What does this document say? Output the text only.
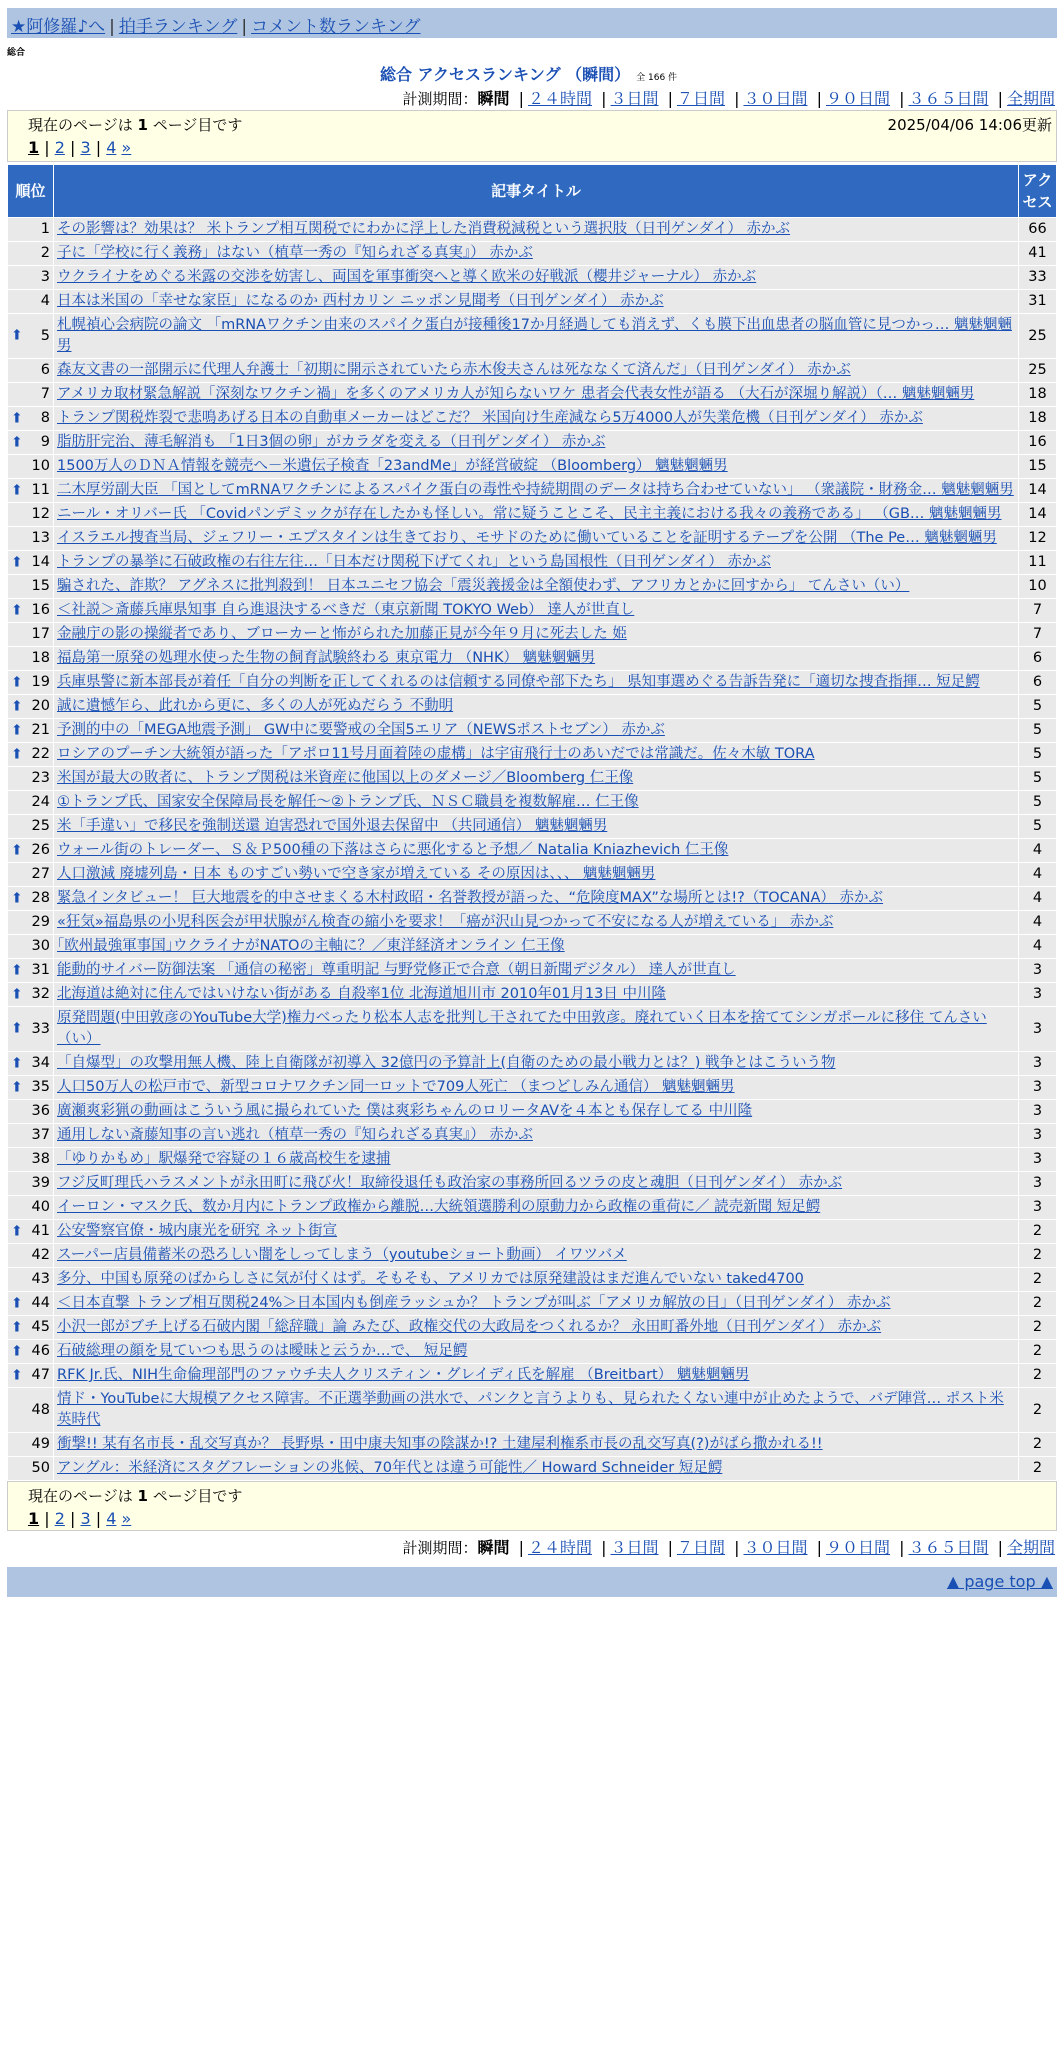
★阿修羅♪へ | 拍手ランキング | コメント数ランキング
総合
総合 アクセスランキング （瞬間） 全 166 件
計測期間：瞬間 | ２４時間 | ３日間 | ７日間 | ３０日間 | ９０日間 | ３６５日間 | 全期間
現在のページは 1 ページ目です	2025/04/06 14:06更新
1 | 2 | 3 | 4 »
順位	記事タイトル	アクセス
1	その影響は？効果は？ 米トランプ相互関税でにわかに浮上した消費税減税という選択肢（日刊ゲンダイ） 赤かぶ	66
2	子に「学校に行く義務」はない（植草一秀の『知られざる真実』） 赤かぶ	41
3	ウクライナをめぐる米露の交渉を妨害し、両国を軍事衝突へと導く欧米の好戦派（櫻井ジャーナル） 赤かぶ	33
4	日本は米国の「幸せな家臣」になるのか 西村カリン ニッポン見聞考（日刊ゲンダイ） 赤かぶ	31

⬆ 5	札幌禎心会病院の論文 「mRNAワクチン由来のスパイク蛋白が接種後17か月経過しても消えず、くも膜下出血患者の脳血管に見つかっ… 魑魅魍魎男	25
6	森友文書の一部開示に代理人弁護士「初期に開示されていたら赤木俊夫さんは死ななくて済んだ」（日刊ゲンダイ） 赤かぶ	25
7	アメリカ取材緊急解説「深刻なワクチン禍」を多くのアメリカ人が知らないワケ 患者会代表女性が語る （大石が深堀り解説）（… 魑魅魍魎男	18

⬆ 8	トランプ関税炸裂で悲鳴あげる日本の自動車メーカーはどこだ？ 米国向け生産減なら5万4000人が失業危機（日刊ゲンダイ） 赤かぶ	18

⬆ 9	脂肪肝完治、薄毛解消も 「1日3個の卵」がカラダを変える（日刊ゲンダイ） 赤かぶ	16
10	1500万人のＤＮＡ情報を競売へ－米遺伝子検査「23andMe」が経営破綻 （Bloomberg） 魑魅魍魎男	15

⬆ 11	二木厚労副大臣 「国としてmRNAワクチンによるスパイク蛋白の毒性や持続期間のデータは持ち合わせていない」 （衆議院・財務金… 魑魅魍魎男	14
12	ニール・オリバー氏 「Covidパンデミックが存在したかも怪しい。常に疑うことこそ、民主主義における我々の義務である」 （GB… 魑魅魍魎男	14
13	イスラエル捜査当局、ジェフリー・エプスタインは生きており、モサドのために働いていることを証明するテープを公開 （The Pe… 魑魅魍魎男	12

⬆ 14	トランプの暴挙に石破政権の右往左往…「日本だけ関税下げてくれ」という島国根性（日刊ゲンダイ） 赤かぶ	11
15	騙された、詐欺？ アグネスに批判殺到！ 日本ユニセフ協会「震災義援金は全額使わず、アフリカとかに回すから」 てんさい（い）	10

⬆ 16	＜社説＞斎藤兵庫県知事 自ら進退決するべきだ（東京新聞 TOKYO Web） 達人が世直し	7
17	金融庁の影の操縦者であり、ブローカーと怖がられた加藤正見が今年９月に死去した 姫	7
18	福島第一原発の処理水使った生物の飼育試験終わる 東京電力 （NHK） 魑魅魍魎男	6

⬆ 19	兵庫県警に新本部長が着任「自分の判断を正してくれるのは信頼する同僚や部下たち」 県知事選めぐる告訴告発に「適切な捜査指揮… 短足鰐	6

⬆ 20	誠に遺憾乍ら、此れから更に、多くの人が死ぬだらう 不動明	5

⬆ 21	予測的中の「MEGA地震予測」 GW中に要警戒の全国5エリア（NEWSポストセブン） 赤かぶ	5

⬆ 22	ロシアのプーチン大統領が語った「アポロ11号月面着陸の虚構」は宇宙飛行士のあいだでは常識だ。佐々木敏 TORA	5
23	米国が最大の敗者に、トランプ関税は米資産に他国以上のダメージ／Bloomberg 仁王像	5
24	①トランプ氏、国家安全保障局長を解任～②トランプ氏、ＮＳＣ職員を複数解雇… 仁王像	5
25	米「手違い」で移民を強制送還 迫害恐れで国外退去保留中 （共同通信） 魑魅魍魎男	5

⬆ 26	ウォール街のトレーダー、Ｓ＆Ｐ500種の下落はさらに悪化すると予想／ Natalia Kniazhevich 仁王像	4
27	人口激減 廃墟列島・日本 ものすごい勢いで空き家が増えている その原因は、、、 魑魅魍魎男	4

⬆ 28	緊急インタビュー！ 巨大地震を的中させまくる木村政昭・名誉教授が語った、“危険度MAX”な場所とは!?（TOCANA） 赤かぶ	4
29	«狂気»福島県の小児科医会が甲状腺がん検査の縮小を要求！「癌が沢山見つかって不安になる人が増えている」 赤かぶ	4
30	｢欧州最強軍事国｣ウクライナがNATOの主軸に？／東洋経済オンライン 仁王像	4

⬆ 31	能動的サイバー防御法案 「通信の秘密」尊重明記 与野党修正で合意（朝日新聞デジタル） 達人が世直し	3

⬆ 32	北海道は絶対に住んではいけない街がある 自殺率1位 北海道旭川市 2010年01月13日 中川隆	3

⬆ 33	原発問題(中田敦彦のYouTube大学)権力べったり松本人志を批判し干されてた中田敦彦。廃れていく日本を捨ててシンガポールに移住 てんさい（い）	3

⬆ 34	「自爆型」の攻撃用無人機、陸上自衛隊が初導入 32億円の予算計上(自衛のための最小戦力とは？) 戦争とはこういう物	3

⬆ 35	人口50万人の松戸市で、新型コロナワクチン同一ロットで709人死亡 （まつどしみん通信） 魑魅魍魎男	3
36	廣瀬爽彩猟の動画はこういう風に撮られていた 僕は爽彩ちゃんのロリータAVを４本とも保存してる 中川隆	3
37	通用しない斎藤知事の言い逃れ（植草一秀の『知られざる真実』） 赤かぶ	3
38	「ゆりかもめ」駅爆発で容疑の１６歳高校生を逮捕	3
39	フジ反町理氏ハラスメントが永田町に飛び火！取締役退任も政治家の事務所回るツラの皮と魂胆（日刊ゲンダイ） 赤かぶ	3
40	イーロン・マスク氏、数か月内にトランプ政権から離脱…大統領選勝利の原動力から政権の重荷に／ 読売新聞 短足鰐	3

⬆ 41	公安警察官僚・城内康光を研究 ネット街宣	2
42	スーパー店員備蓄米の恐ろしい闇をしってしまう（youtubeショート動画） イワツバメ	2
43	多分、中国も原発のばからしさに気が付くはず。そもそも、アメリカでは原発建設はまだ進んでいない taked4700	2

⬆ 44	＜日本直撃 トランプ相互関税24%＞日本国内も倒産ラッシュか？ トランプが叫ぶ「アメリカ解放の日」（日刊ゲンダイ） 赤かぶ	2

⬆ 45	小沢一郎がブチ上げる石破内閣「総辞職」論 みたび、政権交代の大政局をつくれるか？ 永田町番外地（日刊ゲンダイ） 赤かぶ	2

⬆ 46	石破総理の顔を見ていつも思うのは曖昧と云うか…で、 短足鰐	2

⬆ 47	RFK Jr.氏、NIH生命倫理部門のファウチ夫人クリスティン・グレイディ氏を解雇 （Breitbart） 魑魅魍魎男	2
48	情ド・YouTubeに大規模アクセス障害。不正選挙動画の洪水で、パンクと言うよりも、見られたくない連中が止めたようで、バデ陣営… ポスト米英時代	2
49	衝撃!! 某有名市長・乱交写真か？ 長野県・田中康夫知事の陰謀か!? 土建屋利権系市長の乱交写真(?)がばら撒かれる!!	2
50	アングル：米経済にスタグフレーションの兆候、70年代とは違う可能性／ Howard Schneider 短足鰐	2
現在のページは 1 ページ目です
1 | 2 | 3 | 4 »
計測期間：瞬間 | ２４時間 | ３日間 | ７日間 | ３０日間 | ９０日間 | ３６５日間 | 全期間
▲ page top ▲
